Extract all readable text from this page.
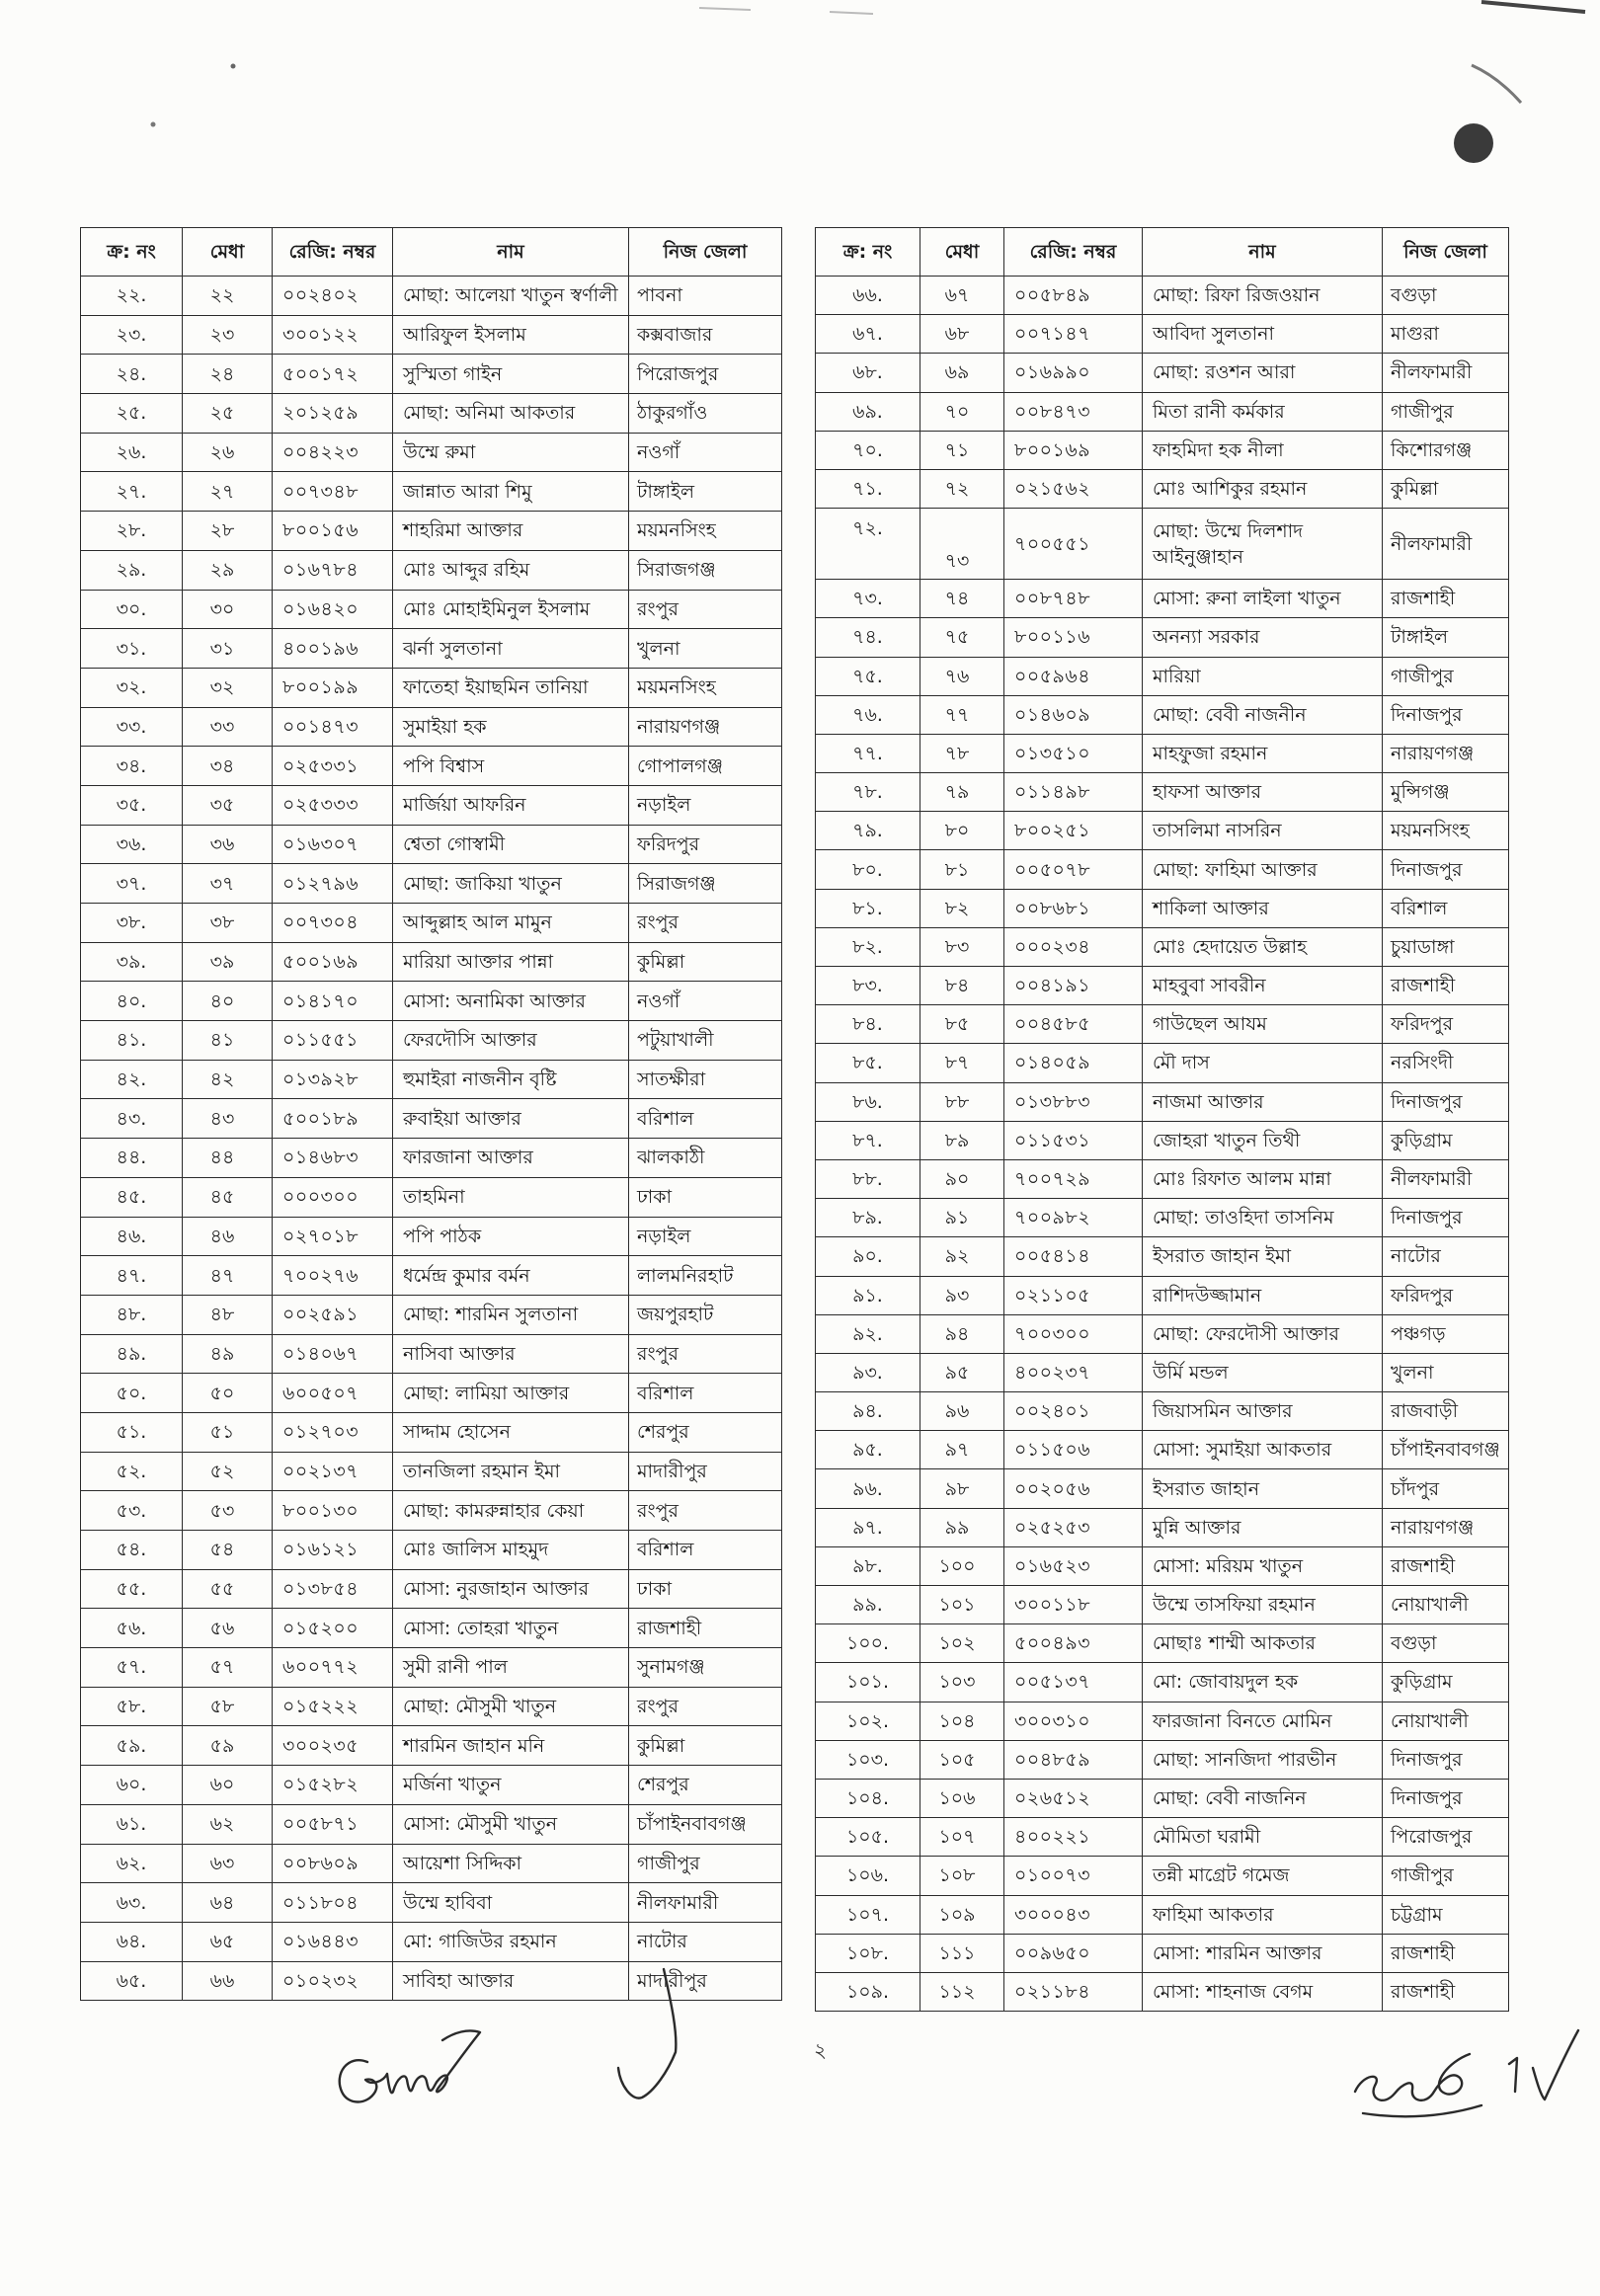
ক্র: নং	মেধা	রেজি: নম্বর	নাম	নিজ জেলা
২২.	২২	০০২৪০২	মোছা: আলেয়া খাতুন স্বর্ণালী	পাবনা
২৩.	২৩	৩০০১২২	আরিফুল ইসলাম	কক্সবাজার
২৪.	২৪	৫০০১৭২	সুস্মিতা গাইন	পিরোজপুর
২৫.	২৫	২০১২৫৯	মোছা: অনিমা আকতার	ঠাকুরগাঁও
২৬.	২৬	০০৪২২৩	উম্মে রুমা	নওগাঁ
২৭.	২৭	০০৭৩৪৮	জান্নাত আরা শিমু	টাঙ্গাইল
২৮.	২৮	৮০০১৫৬	শাহরিমা আক্তার	ময়মনসিংহ
২৯.	২৯	০১৬৭৮৪	মোঃ আব্দুর রহিম	সিরাজগঞ্জ
৩০.	৩০	০১৬৪২০	মোঃ মোহাইমিনুল ইসলাম	রংপুর
৩১.	৩১	৪০০১৯৬	ঝর্না সুলতানা	খুলনা
৩২.	৩২	৮০০১৯৯	ফাতেহা ইয়াছমিন তানিয়া	ময়মনসিংহ
৩৩.	৩৩	০০১৪৭৩	সুমাইয়া হক	নারায়ণগঞ্জ
৩৪.	৩৪	০২৫৩৩১	পপি বিশ্বাস	গোপালগঞ্জ
৩৫.	৩৫	০২৫৩৩৩	মার্জিয়া আফরিন	নড়াইল
৩৬.	৩৬	০১৬৩০৭	শ্বেতা গোস্বামী	ফরিদপুর
৩৭.	৩৭	০১২৭৯৬	মোছা: জাকিয়া খাতুন	সিরাজগঞ্জ
৩৮.	৩৮	০০৭৩০৪	আব্দুল্লাহ আল মামুন	রংপুর
৩৯.	৩৯	৫০০১৬৯	মারিয়া আক্তার পান্না	কুমিল্লা
৪০.	৪০	০১৪১৭০	মোসা: অনামিকা আক্তার	নওগাঁ
৪১.	৪১	০১১৫৫১	ফেরদৌসি আক্তার	পটুয়াখালী
৪২.	৪২	০১৩৯২৮	হুমাইরা নাজনীন বৃষ্টি	সাতক্ষীরা
৪৩.	৪৩	৫০০১৮৯	রুবাইয়া আক্তার	বরিশাল
৪৪.	৪৪	০১৪৬৮৩	ফারজানা আক্তার	ঝালকাঠী
৪৫.	৪৫	০০০৩০০	তাহমিনা	ঢাকা
৪৬.	৪৬	০২৭০১৮	পপি পাঠক	নড়াইল
৪৭.	৪৭	৭০০২৭৬	ধর্মেন্দ্র কুমার বর্মন	লালমনিরহাট
৪৮.	৪৮	০০২৫৯১	মোছা: শারমিন সুলতানা	জয়পুরহাট
৪৯.	৪৯	০১৪০৬৭	নাসিবা আক্তার	রংপুর
৫০.	৫০	৬০০৫০৭	মোছা: লামিয়া আক্তার	বরিশাল
৫১.	৫১	০১২৭০৩	সাদ্দাম হোসেন	শেরপুর
৫২.	৫২	০০২১৩৭	তানজিলা রহমান ইমা	মাদারীপুর
৫৩.	৫৩	৮০০১৩০	মোছা: কামরুন্নাহার কেয়া	রংপুর
৫৪.	৫৪	০১৬১২১	মোঃ জালিস মাহমুদ	বরিশাল
৫৫.	৫৫	০১৩৮৫৪	মোসা: নুরজাহান আক্তার	ঢাকা
৫৬.	৫৬	০১৫২০০	মোসা: তোহরা খাতুন	রাজশাহী
৫৭.	৫৭	৬০০৭৭২	সুমী রানী পাল	সুনামগঞ্জ
৫৮.	৫৮	০১৫২২২	মোছা: মৌসুমী খাতুন	রংপুর
৫৯.	৫৯	৩০০২৩৫	শারমিন জাহান মনি	কুমিল্লা
৬০.	৬০	০১৫২৮২	মর্জিনা খাতুন	শেরপুর
৬১.	৬২	০০৫৮৭১	মোসা: মৌসুমী খাতুন	চাঁপাইনবাবগঞ্জ
৬২.	৬৩	০০৮৬০৯	আয়েশা সিদ্দিকা	গাজীপুর
৬৩.	৬৪	০১১৮০৪	উম্মে হাবিবা	নীলফামারী
৬৪.	৬৫	০১৬৪৪৩	মো: গাজিউর রহমান	নাটোর
৬৫.	৬৬	০১০২৩২	সাবিহা আক্তার	মাদারীপুর
ক্র: নং	মেধা	রেজি: নম্বর	নাম	নিজ জেলা
৬৬.	৬৭	০০৫৮৪৯	মোছা: রিফা রিজওয়ান	বগুড়া
৬৭.	৬৮	০০৭১৪৭	আবিদা সুলতানা	মাগুরা
৬৮.	৬৯	০১৬৯৯০	মোছা: রওশন আরা	নীলফামারী
৬৯.	৭০	০০৮৪৭৩	মিতা রানী কর্মকার	গাজীপুর
৭০.	৭১	৮০০১৬৯	ফাহমিদা হক নীলা	কিশোরগঞ্জ
৭১.	৭২	০২১৫৬২	মোঃ আশিকুর রহমান	কুমিল্লা
৭২.	৭৩	৭০০৫৫১	মোছা: উম্মে দিলশাদ আইনুঞ্জাহান	নীলফামারী
৭৩.	৭৪	০০৮৭৪৮	মোসা: রুনা লাইলা খাতুন	রাজশাহী
৭৪.	৭৫	৮০০১১৬	অনন্যা সরকার	টাঙ্গাইল
৭৫.	৭৬	০০৫৯৬৪	মারিয়া	গাজীপুর
৭৬.	৭৭	০১৪৬০৯	মোছা: বেবী নাজনীন	দিনাজপুর
৭৭.	৭৮	০১৩৫১০	মাহফুজা রহমান	নারায়ণগঞ্জ
৭৮.	৭৯	০১১৪৯৮	হাফসা আক্তার	মুন্সিগঞ্জ
৭৯.	৮০	৮০০২৫১	তাসলিমা নাসরিন	ময়মনসিংহ
৮০.	৮১	০০৫০৭৮	মোছা: ফাহিমা আক্তার	দিনাজপুর
৮১.	৮২	০০৮৬৮১	শাকিলা আক্তার	বরিশাল
৮২.	৮৩	০০০২৩৪	মোঃ হেদায়েত উল্লাহ	চুয়াডাঙ্গা
৮৩.	৮৪	০০৪১৯১	মাহবুবা সাবরীন	রাজশাহী
৮৪.	৮৫	০০৪৫৮৫	গাউছেল আযম	ফরিদপুর
৮৫.	৮৭	০১৪০৫৯	মৌ দাস	নরসিংদী
৮৬.	৮৮	০১৩৮৮৩	নাজমা আক্তার	দিনাজপুর
৮৭.	৮৯	০১১৫৩১	জোহরা খাতুন তিথী	কুড়িগ্রাম
৮৮.	৯০	৭০০৭২৯	মোঃ রিফাত আলম মান্না	নীলফামারী
৮৯.	৯১	৭০০৯৮২	মোছা: তাওহিদা তাসনিম	দিনাজপুর
৯০.	৯২	০০৫৪১৪	ইসরাত জাহান ইমা	নাটোর
৯১.	৯৩	০২১১০৫	রাশিদউজ্জামান	ফরিদপুর
৯২.	৯৪	৭০০৩০০	মোছা: ফেরদৌসী আক্তার	পঞ্চগড়
৯৩.	৯৫	৪০০২৩৭	উর্মি মন্ডল	খুলনা
৯৪.	৯৬	০০২৪০১	জিয়াসমিন আক্তার	রাজবাড়ী
৯৫.	৯৭	০১১৫০৬	মোসা: সুমাইয়া আকতার	চাঁপাইনবাবগঞ্জ
৯৬.	৯৮	০০২০৫৬	ইসরাত জাহান	চাঁদপুর
৯৭.	৯৯	০২৫২৫৩	মুন্নি আক্তার	নারায়ণগঞ্জ
৯৮.	১০০	০১৬৫২৩	মোসা: মরিয়ম খাতুন	রাজশাহী
৯৯.	১০১	৩০০১১৮	উম্মে তাসফিয়া রহমান	নোয়াখালী
১০০.	১০২	৫০০৪৯৩	মোছাঃ শাম্মী আকতার	বগুড়া
১০১.	১০৩	০০৫১৩৭	মো: জোবায়দুল হক	কুড়িগ্রাম
১০২.	১০৪	৩০০৩১০	ফারজানা বিনতে মোমিন	নোয়াখালী
১০৩.	১০৫	০০৪৮৫৯	মোছা: সানজিদা পারভীন	দিনাজপুর
১০৪.	১০৬	০২৬৫১২	মোছা: বেবী নাজনিন	দিনাজপুর
১০৫.	১০৭	৪০০২২১	মৌমিতা ঘরামী	পিরোজপুর
১০৬.	১০৮	০১০০৭৩	তন্নী মাগ্রেট গমেজ	গাজীপুর
১০৭.	১০৯	৩০০০৪৩	ফাহিমা আকতার	চট্টগ্রাম
১০৮.	১১১	০০৯৬৫০	মোসা: শারমিন আক্তার	রাজশাহী
১০৯.	১১২	০২১১৮৪	মোসা: শাহনাজ বেগম	রাজশাহী
২
